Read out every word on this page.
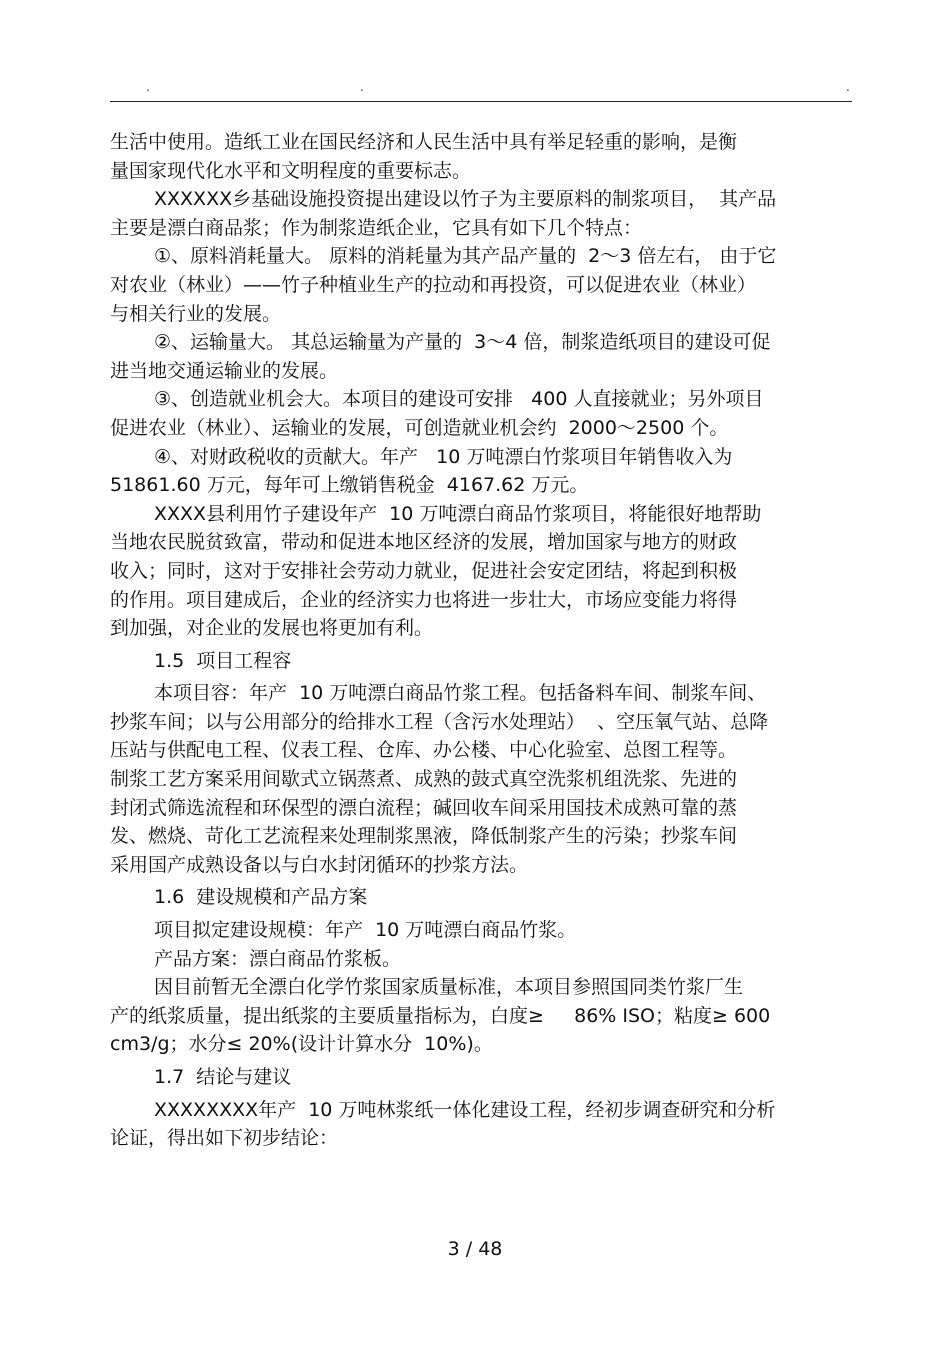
.	.	.

生活中使用。造纸工业在国民经济和人民生活中具有举足轻重的影响，是衡
量国家现代化水平和文明程度的重要标志。

XXXXXX乡基础设施投资提出建设以竹子为主要原料的制浆项目，  其产品
主要是漂白商品浆；作为制浆造纸企业，它具有如下几个特点：

①、原料消耗量大。 原料的消耗量为其产品产量的  2～3 倍左右， 由于它
对农业（林业）——竹子种植业生产的拉动和再投资，可以促进农业（林业）
与相关行业的发展。

②、运输量大。 其总运输量为产量的  3～4 倍，制浆造纸项目的建设可促
进当地交通运输业的发展。

③、创造就业机会大。本项目的建设可安排   400 人直接就业；另外项目
促进农业（林业）、运输业的发展，可创造就业机会约  2000～2500 个。

④、对财政税收的贡献大。年产   10 万吨漂白竹浆项目年销售收入为
51861.60 万元，每年可上缴销售税金  4167.62 万元。

XXXX县利用竹子建设年产  10 万吨漂白商品竹浆项目，将能很好地帮助
当地农民脱贫致富，带动和促进本地区经济的发展，增加国家与地方的财政
收入；同时，这对于安排社会劳动力就业，促进社会安定团结，将起到积极
的作用。项目建成后，企业的经济实力也将进一步壮大，市场应变能力将得
到加强，对企业的发展也将更加有利。

1.5  项目工程容

本项目容：年产  10 万吨漂白商品竹浆工程。包括备料车间、制浆车间、
抄浆车间；以与公用部分的给排水工程（含污水处理站）  、空压氧气站、总降
压站与供配电工程、仪表工程、仓库、办公楼、中心化验室、总图工程等。
制浆工艺方案采用间歇式立锅蒸煮、成熟的鼓式真空洗浆机组洗浆、先进的
封闭式筛选流程和环保型的漂白流程；碱回收车间采用国技术成熟可靠的蒸
发、燃烧、苛化工艺流程来处理制浆黑液，降低制浆产生的污染；抄浆车间
采用国产成熟设备以与白水封闭循环的抄浆方法。

1.6  建设规模和产品方案

项目拟定建设规模：年产  10 万吨漂白商品竹浆。

产品方案：漂白商品竹浆板。

因目前暂无全漂白化学竹浆国家质量标准，本项目参照国同类竹浆厂生
产的纸浆质量，提出纸浆的主要质量指标为，白度≥     86% ISO；粘度≥ 600
cm3/g；水分≤ 20%(设计计算水分  10%)。

1.7  结论与建议

XXXXXXXX年产  10 万吨林浆纸一体化建设工程，经初步调查研究和分析
论证，得出如下初步结论：

3 / 48
